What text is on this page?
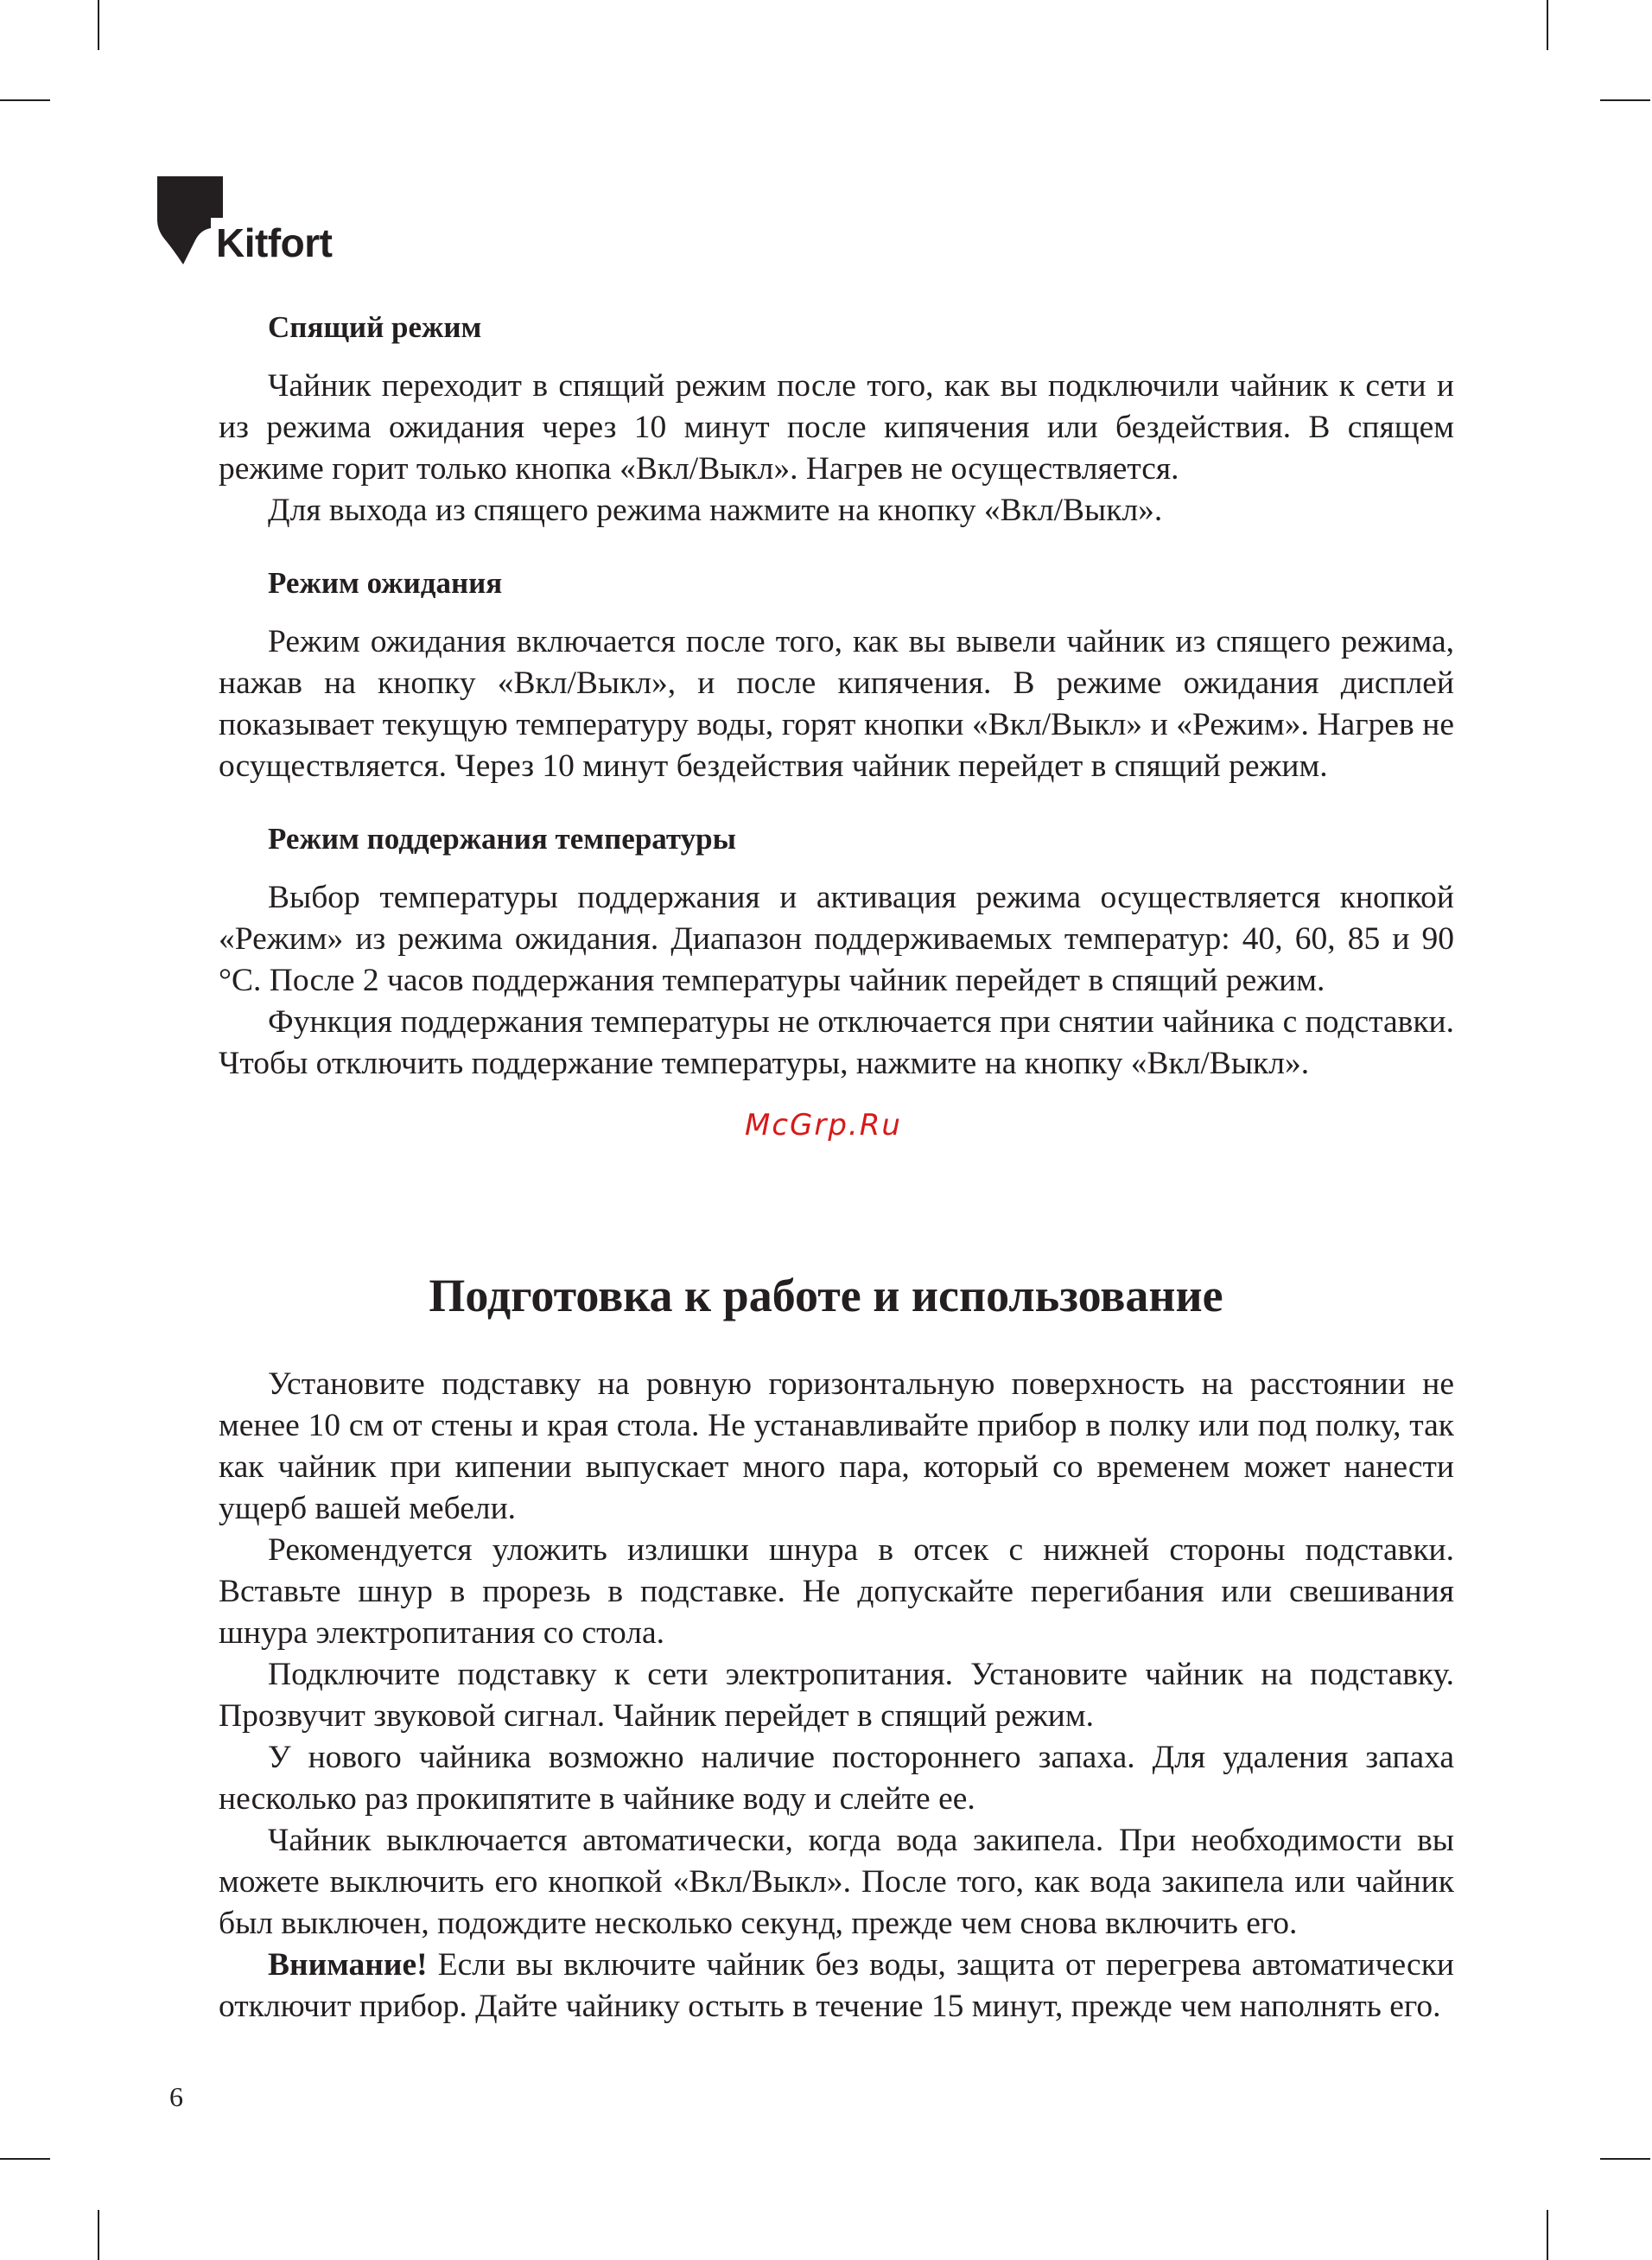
Kitfort
Спящий режим

Чайник переходит в спящий режим после того, как вы подключили чайник к сети и из режима ожидания через 10 минут после кипячения или бездействия. В спящем режиме горит только кнопка «Вкл/Выкл». Нагрев не осуществляется.

Для выхода из спящего режима нажмите на кнопку «Вкл/Выкл».

Режим ожидания

Режим ожидания включается после того, как вы вывели чайник из спящего режима, нажав на кнопку «Вкл/Выкл», и после кипячения. В режиме ожидания дисплей показывает текущую температуру воды, горят кнопки «Вкл/Выкл» и «Режим». Нагрев не осуществляется. Через 10 минут бездействия чайник перейдет в спящий режим.

Режим поддержания температуры

Выбор температуры поддержания и активация режима осуществляется кнопкой «Режим» из режима ожидания. Диапазон поддерживаемых температур: 40, 60, 85 и 90 °С. После 2 часов поддержания температуры чайник перейдет в спящий режим.

Функция поддержания температуры не отключается при снятии чайника с подставки. Чтобы отключить поддержание температуры, нажмите на кнопку «Вкл/Выкл».

McGrp.Ru
Подготовка к работе и использование

Установите подставку на ровную горизонтальную поверхность на расстоянии не менее 10 см от стены и края стола. Не устанавливайте прибор в полку или под полку, так как чайник при кипении выпускает много пара, который со временем может нанести ущерб вашей мебели.

Рекомендуется уложить излишки шнура в отсек с нижней стороны подставки. Вставьте шнур в прорезь в подставке. Не допускайте перегибания или свешивания шнура электропитания со стола.

Подключите подставку к сети электропитания. Установите чайник на подставку. Прозвучит звуковой сигнал. Чайник перейдет в спящий режим.

У нового чайника возможно наличие постороннего запаха. Для удаления запаха несколько раз прокипятите в чайнике воду и слейте ее.

Чайник выключается автоматически, когда вода закипела. При необходимости вы можете выключить его кнопкой «Вкл/Выкл». После того, как вода закипела или чайник был выключен, подождите несколько секунд, прежде чем снова включить его.

Внимание! Если вы включите чайник без воды, защита от перегрева автоматически отключит прибор. Дайте чайнику остыть в течение 15 минут, прежде чем наполнять его.

6
